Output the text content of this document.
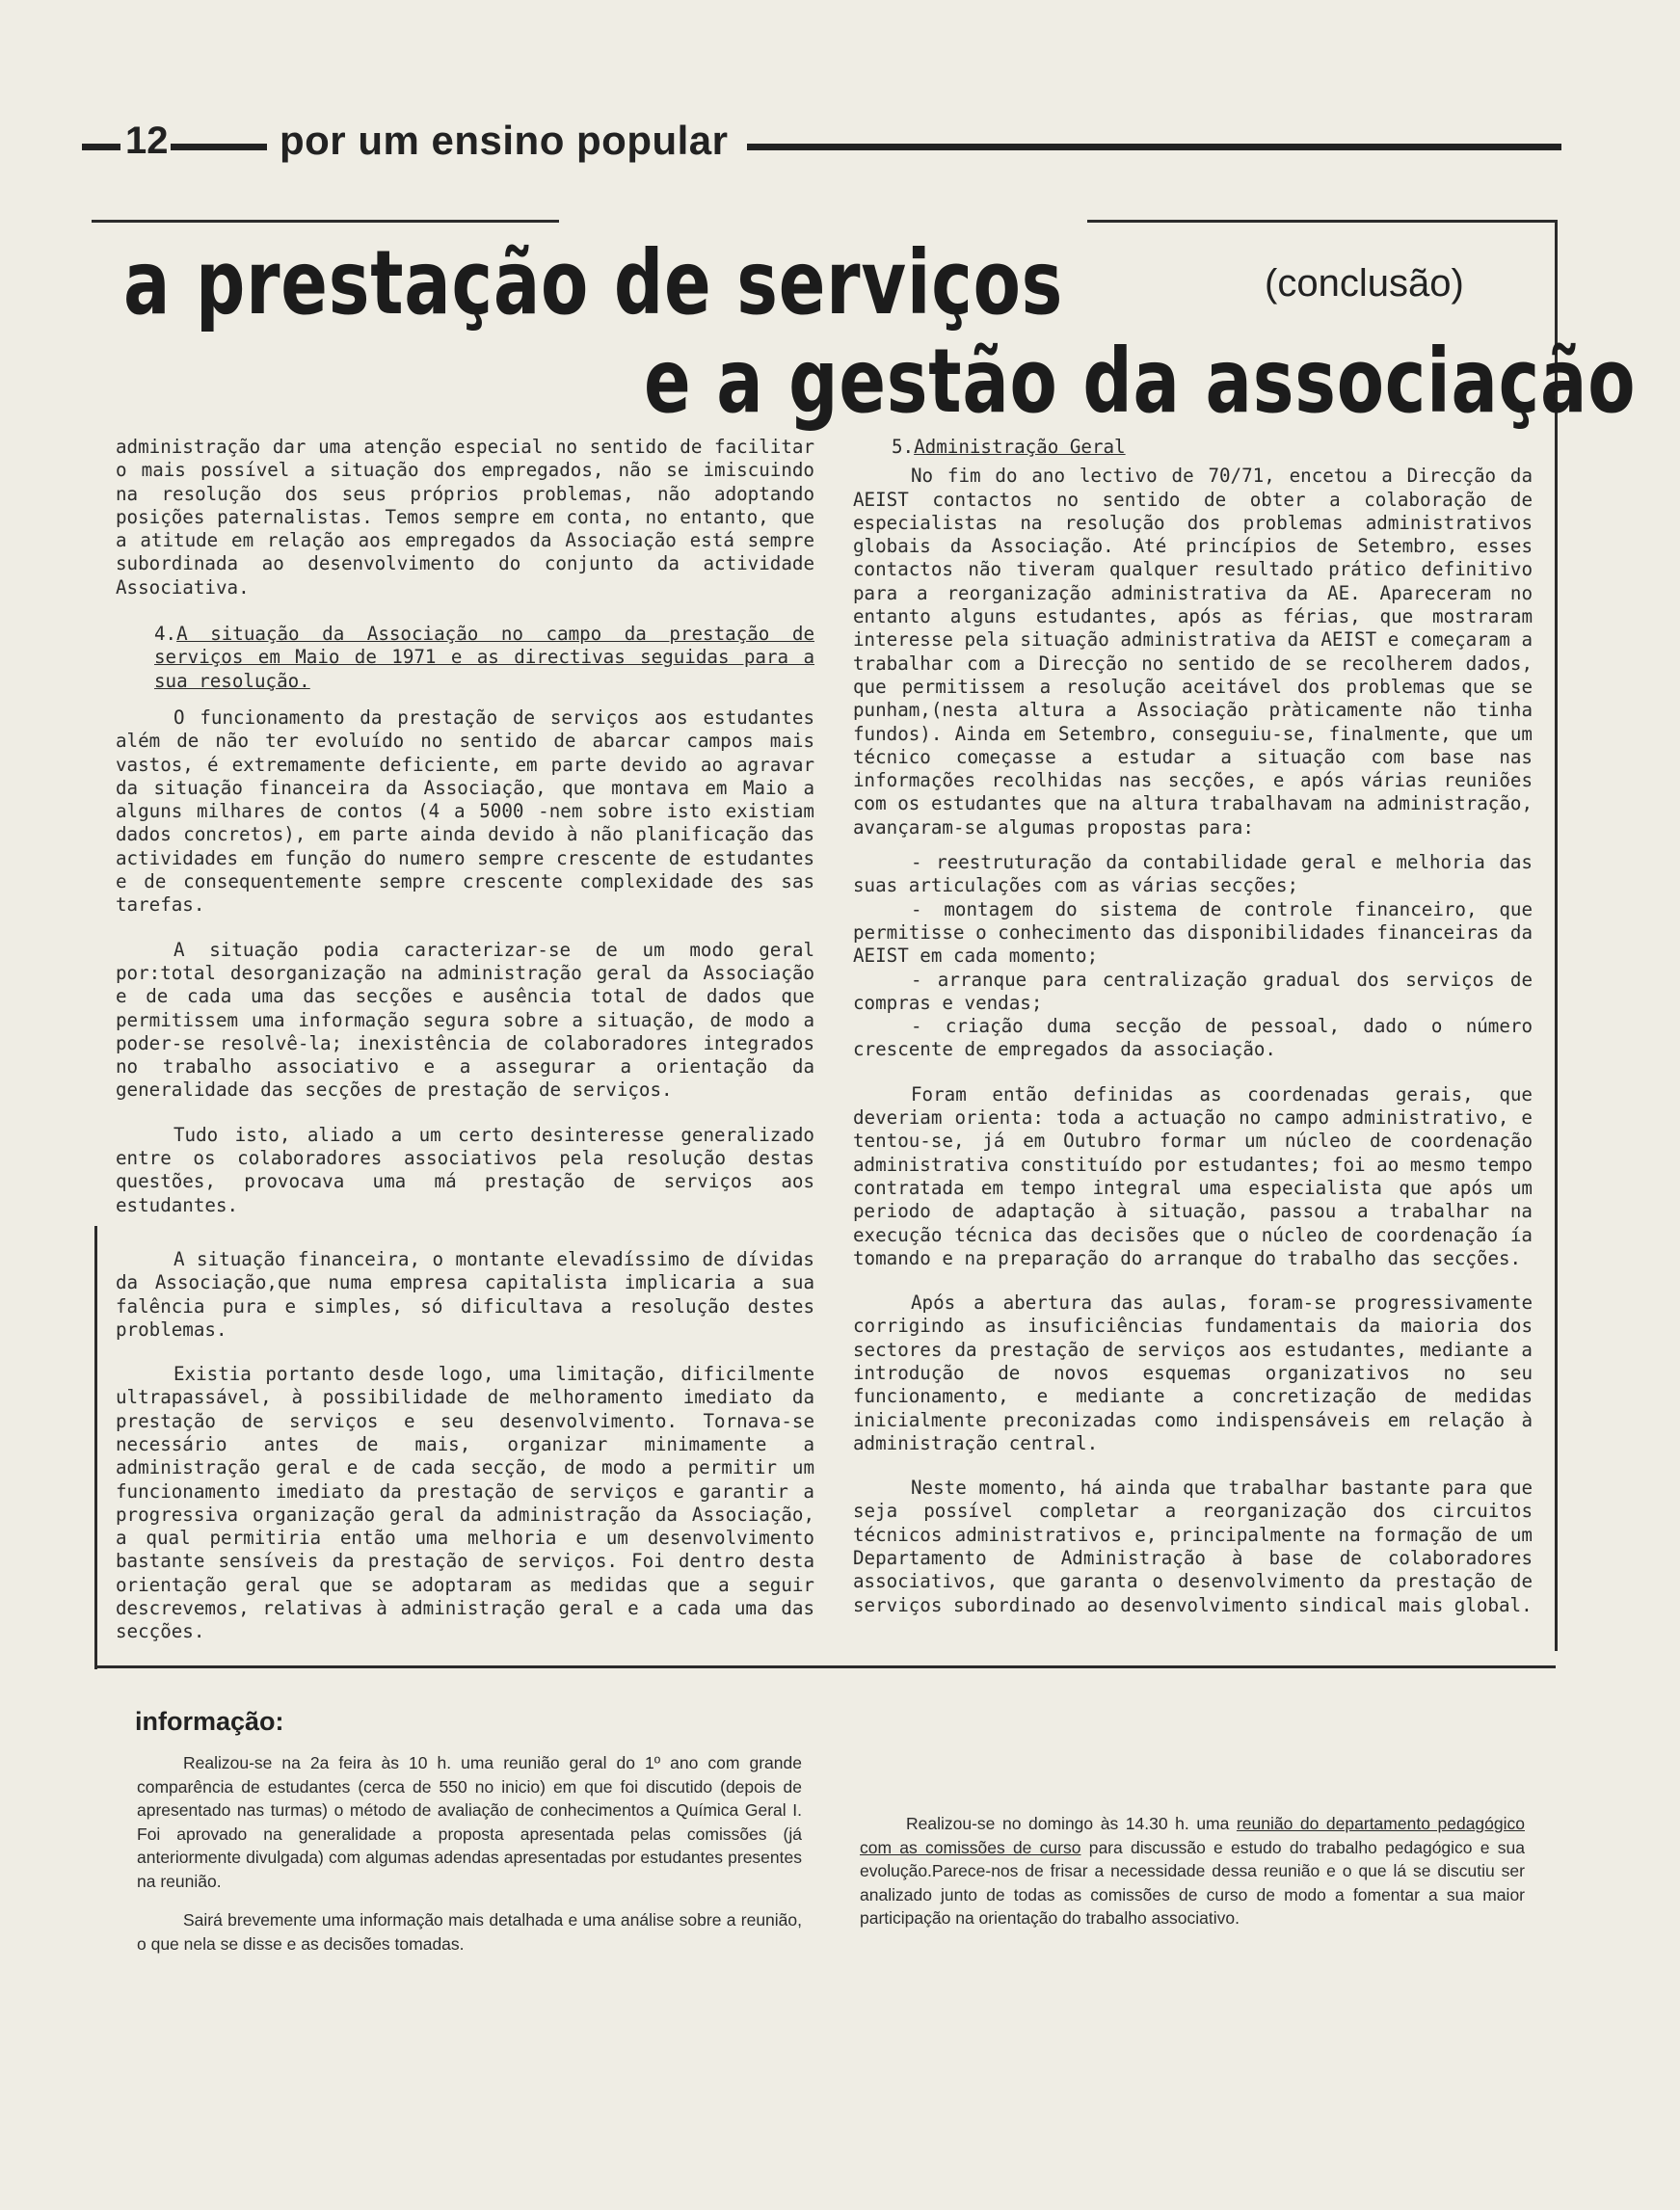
12	por um ensino popular
a prestação de serviços	(conclusão)
e a gestão da associação

administração dar uma atenção especial no sentido de facilitar o mais possível a situação dos empregados, não se imiscuindo na resolução dos seus próprios problemas, não adoptando posições paternalistas. Temos sempre em conta, no entanto, que a atitude em relação aos empregados da Associação está sempre subordinada ao desenvolvimento do conjunto da actividade Associativa.

4.A situação da Associação no campo da prestação de serviços em Maio de 1971 e as directivas seguidas para a sua resolução.

O funcionamento da prestação de serviços aos estudantes além de não ter evoluído no sentido de abarcar campos mais vastos, é extremamente deficiente, em parte devido ao agravar da situação financeira da Associação, que montava em Maio a alguns milhares de contos (4 a 5000 -nem sobre isto existiam dados concretos), em parte ainda devido à não planificação das actividades em função do numero sempre crescente de estudantes e de consequentemente sempre crescente complexidade des sas tarefas.

A situação podia caracterizar-se de um modo geral por:total desorganização na administração geral da Associação e de cada uma das secções e ausência total de dados que permitissem uma informação segura sobre a situação, de modo a poder-se resolvê-la; inexistência de colaboradores integrados no trabalho associativo e a assegurar a orientação da generalidade das secções de prestação de serviços.

Tudo isto, aliado a um certo desinteresse generalizado entre os colaboradores associativos pela resolução destas questões, provocava uma má prestação de serviços aos estudantes.

A situação financeira, o montante elevadíssimo de dívidas da Associação,que numa empresa capitalista implicaria a sua falência pura e simples, só dificultava a resolução destes problemas.

Existia portanto desde logo, uma limitação, dificilmente ultrapassável, à possibilidade de melhoramento imediato da prestação de serviços e seu desenvolvimento. Tornava-se necessário antes de mais, organizar minimamente a administração geral e de cada secção, de modo a permitir um funcionamento imediato da prestação de serviços e garantir a progressiva organização geral da administração da Associação, a qual permitiria então uma melhoria e um desenvolvimento bastante sensíveis da prestação de serviços. Foi dentro desta orientação geral que se adoptaram as medidas que a seguir descrevemos, relativas à administração geral e a cada uma das secções.

5.Administração Geral

No fim do ano lectivo de 70/71, encetou a Direcção da AEIST contactos no sentido de obter a colaboração de especialistas na resolução dos problemas administrativos globais da Associação. Até princípios de Setembro, esses contactos não tiveram qualquer resultado prático definitivo para a reorganização administrativa da AE. Apareceram no entanto alguns estudantes, após as férias, que mostraram interesse pela situação administrativa da AEIST e começaram a trabalhar com a Direcção no sentido de se recolherem dados, que permitissem a resolução aceitável dos problemas que se punham,(nesta altura a Associação pràticamente não tinha fundos). Ainda em Setembro, conseguiu-se, finalmente, que um técnico começasse a estudar a situação com base nas informações recolhidas nas secções, e após várias reuniões com os estudantes que na altura trabalhavam na administração, avançaram-se algumas propostas para:

- reestruturação da contabilidade geral e melhoria das suas articulações com as várias secções;

- montagem do sistema de controle financeiro, que permitisse o conhecimento das disponibilidades financeiras da AEIST em cada momento;

- arranque para centralização gradual dos serviços de compras e vendas;

- criação duma secção de pessoal, dado o número crescente de empregados da associação.

Foram então definidas as coordenadas gerais, que deveriam orienta: toda a actuação no campo administrativo, e tentou-se, já em Outubro formar um núcleo de coordenação administrativa constituído por estudantes; foi ao mesmo tempo contratada em tempo integral uma especialista que após um periodo de adaptação à situação, passou a trabalhar na execução técnica das decisões que o núcleo de coordenação ía tomando e na preparação do arranque do trabalho das secções.

Após a abertura das aulas, foram-se progressivamente corrigindo as insuficiências fundamentais da maioria dos sectores da prestação de serviços aos estudantes, mediante a introdução de novos esquemas organizativos no seu funcionamento, e mediante a concretização de medidas inicialmente preconizadas como indispensáveis em relação à administração central.

Neste momento, há ainda que trabalhar bastante para que seja possível completar a reorganização dos circuitos técnicos administrativos e, principalmente na formação de um Departamento de Administração à base de colaboradores associativos, que garanta o desenvolvimento da prestação de serviços subordinado ao desenvolvimento sindical mais global.

informação:

Realizou-se na 2a feira às 10 h. uma reunião geral do 1º ano com grande comparência de estudantes (cerca de 550 no inicio) em que foi discutido (depois de apresentado nas turmas) o método de avaliação de conhecimentos a Química Geral I. Foi aprovado na generalidade a proposta apresentada pelas comissões (já anteriormente divulgada) com algumas adendas apresentadas por estudantes presentes na reunião.

Sairá brevemente uma informação mais detalhada e uma análise sobre a reunião, o que nela se disse e as decisões tomadas.

Realizou-se no domingo às 14.30 h. uma reunião do departamento pedagógico com as comissões de curso para discussão e estudo do trabalho pedagógico e sua evolução.Parece-nos de frisar a necessidade dessa reunião e o que lá se discutiu ser analizado junto de todas as comissões de curso de modo a fomentar a sua maior participação na orientação do trabalho associativo.
